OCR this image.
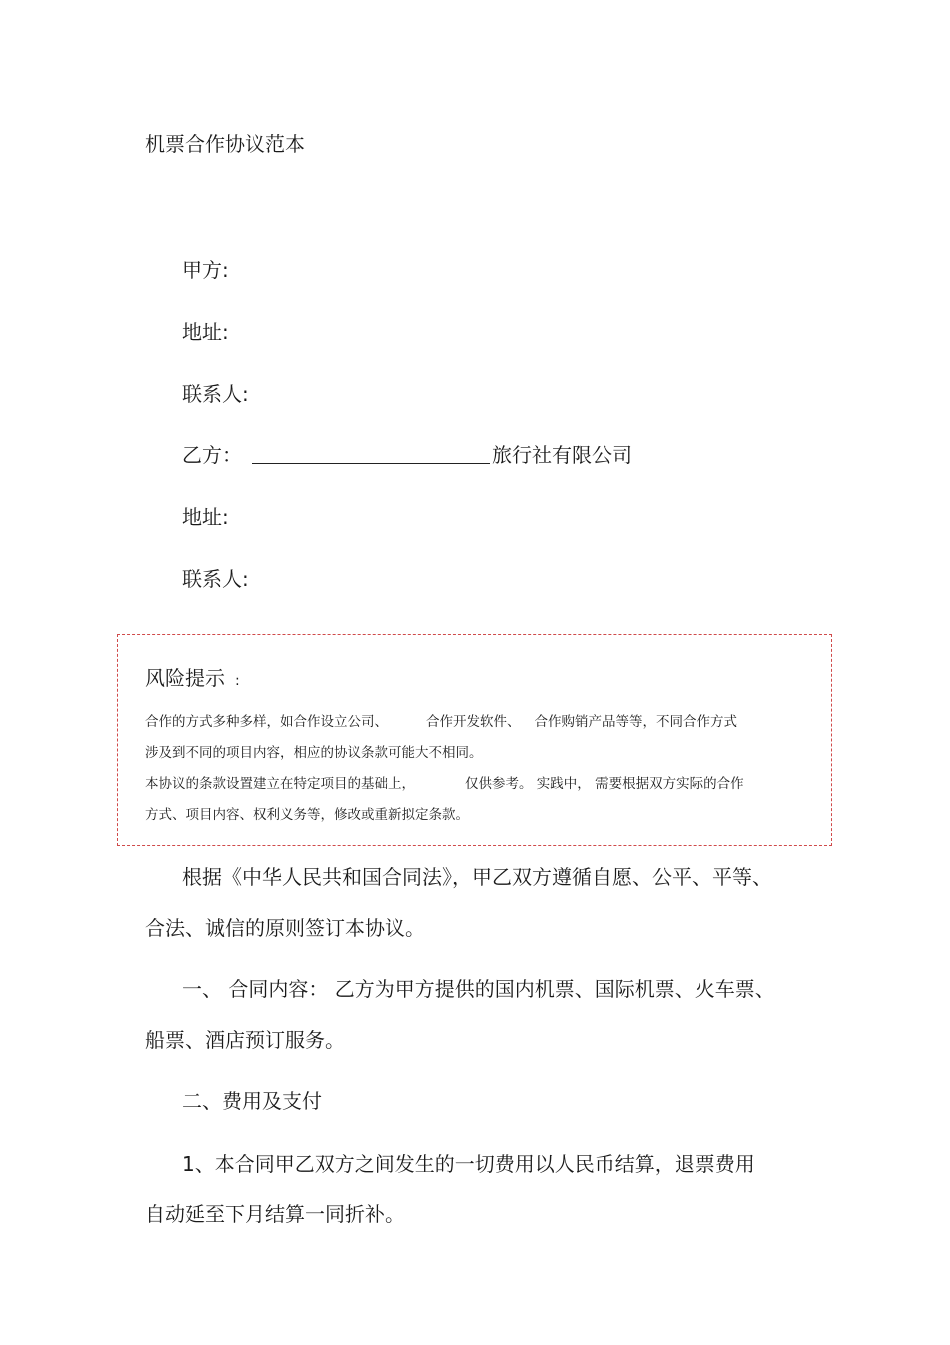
机票合作协议范本
甲方:
地址:
联系人:
乙方：	旅行社有限公司
地址:
联系人:
风险提示 :
合作的方式多种多样，如合作设立公司、	合作开发软件、 合作购销产品等等，不同合作方式
涉及到不同的项目内容，相应的协议条款可能大不相同。
本协议的条款设置建立在特定项目的基础上，	仅供参考。 实践中， 需要根据双方实际的合作
方式、项目内容、权利义务等，修改或重新拟定条款。
根据《中华人民共和国合同法》，甲乙双方遵循自愿、公平、平等、
合法、诚信的原则签订本协议。
一、 合同内容： 乙方为甲方提供的国内机票、国际机票、火车票、
船票、酒店预订服务。
二、费用及支付
1、本合同甲乙双方之间发生的一切费用以人民币结算，退票费用
自动延至下月结算一同折补。
